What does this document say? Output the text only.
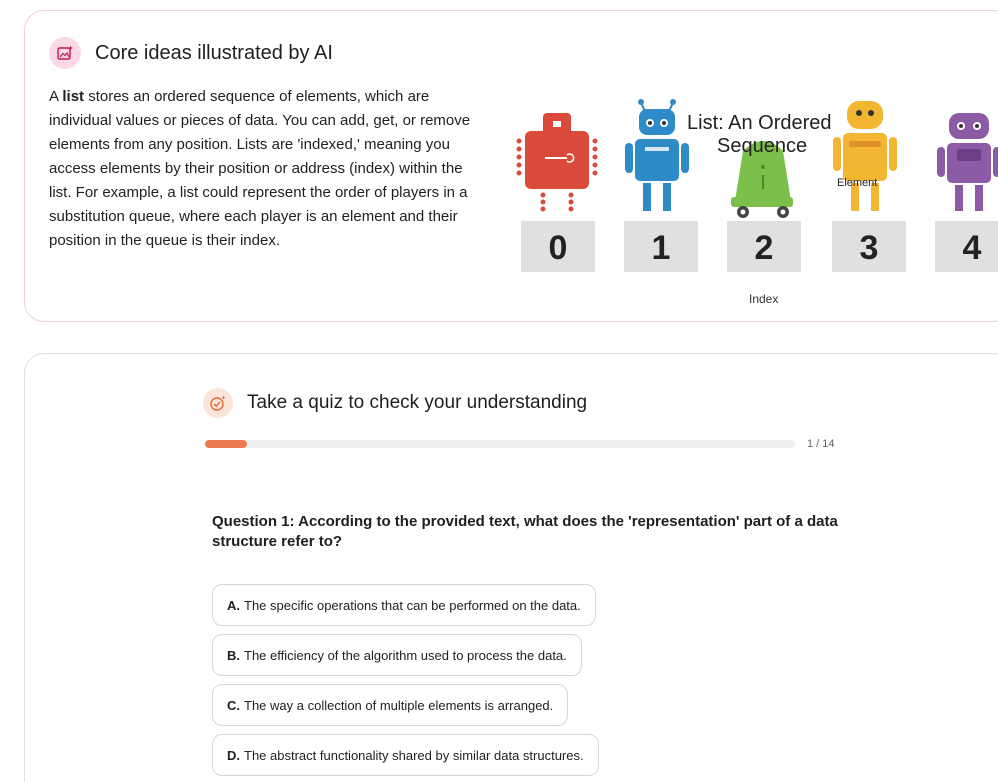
Core ideas illustrated by AI
A list stores an ordered sequence of elements, which are individual values or pieces of data. You can add, get, or remove elements from any position. Lists are 'indexed,' meaning you access elements by their position or address (index) within the list. For example, a list could represent the order of players in a substitution queue, where each player is an element and their position in the queue is their index.	0 1 2	3 4
List: An Ordered
Sequence
Element
Index
Take a quiz to check your understanding
1 / 14
Question 1: According to the provided text, what does the 'representation' part of a data structure refer to?
A. The specific operations that can be performed on the data.
B. The efficiency of the algorithm used to process the data.
C. The way a collection of multiple elements is arranged.
D. The abstract functionality shared by similar data structures.
